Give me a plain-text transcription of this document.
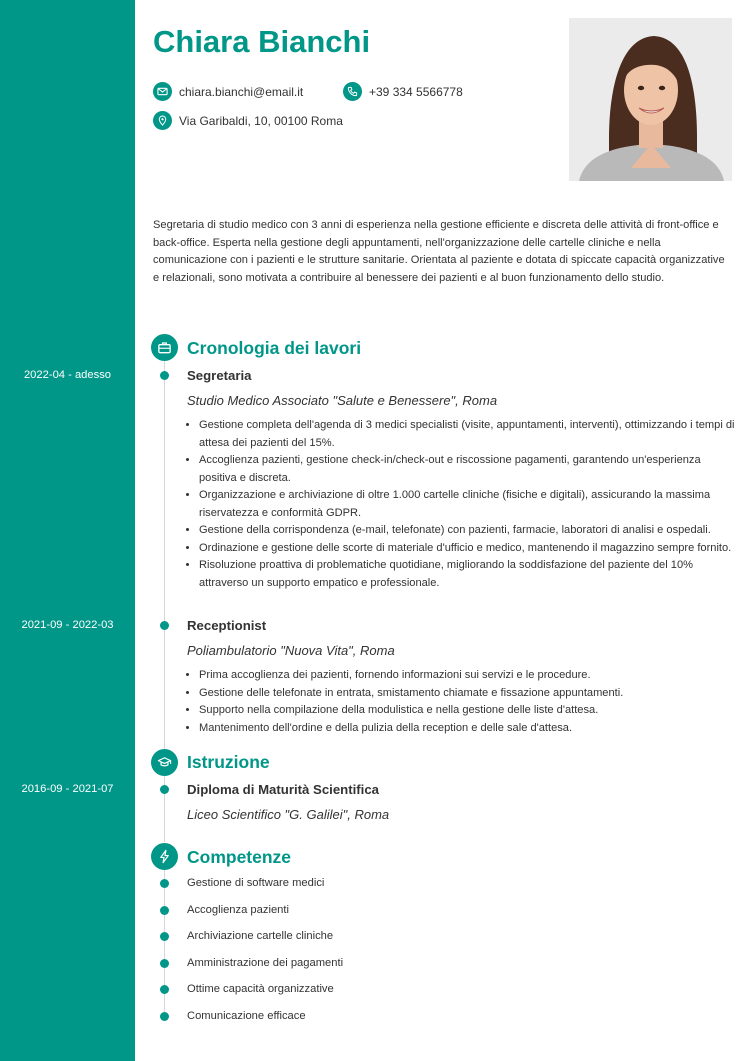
Chiara Bianchi
chiara.bianchi@email.it	+39 334 5566778
Via Garibaldi, 10, 00100 Roma

Segretaria di studio medico con 3 anni di esperienza nella gestione efficiente e discreta delle attività di front-office e back-office. Esperta nella gestione degli appuntamenti, nell'organizzazione delle cartelle cliniche e nella comunicazione con i pazienti e le strutture sanitarie. Orientata al paziente e dotata di spiccate capacità organizzative e relazionali, sono motivata a contribuire al benessere dei pazienti e al buon funzionamento dello studio.

Cronologia dei lavori
2022-04 - adesso	Segretaria
Studio Medico Associato "Salute e Benessere", Roma
• Gestione completa dell'agenda di 3 medici specialisti (visite, appuntamenti, interventi), ottimizzando i tempi di attesa dei pazienti del 15%.
• Accoglienza pazienti, gestione check-in/check-out e riscossione pagamenti, garantendo un'esperienza positiva e discreta.
• Organizzazione e archiviazione di oltre 1.000 cartelle cliniche (fisiche e digitali), assicurando la massima riservatezza e conformità GDPR.
• Gestione della corrispondenza (e-mail, telefonate) con pazienti, farmacie, laboratori di analisi e ospedali.
• Ordinazione e gestione delle scorte di materiale d'ufficio e medico, mantenendo il magazzino sempre fornito.
• Risoluzione proattiva di problematiche quotidiane, migliorando la soddisfazione del paziente del 10% attraverso un supporto empatico e professionale.
2021-09 - 2022-03	Receptionist
Poliambulatorio "Nuova Vita", Roma
• Prima accoglienza dei pazienti, fornendo informazioni sui servizi e le procedure.
• Gestione delle telefonate in entrata, smistamento chiamate e fissazione appuntamenti.
• Supporto nella compilazione della modulistica e nella gestione delle liste d'attesa.
• Mantenimento dell'ordine e della pulizia della reception e delle sale d'attesa.
Istruzione
2016-09 - 2021-07	Diploma di Maturità Scientifica
Liceo Scientifico "G. Galilei", Roma
Competenze
Gestione di software medici
Accoglienza pazienti
Archiviazione cartelle cliniche
Amministrazione dei pagamenti
Ottime capacità organizzative
Comunicazione efficace
